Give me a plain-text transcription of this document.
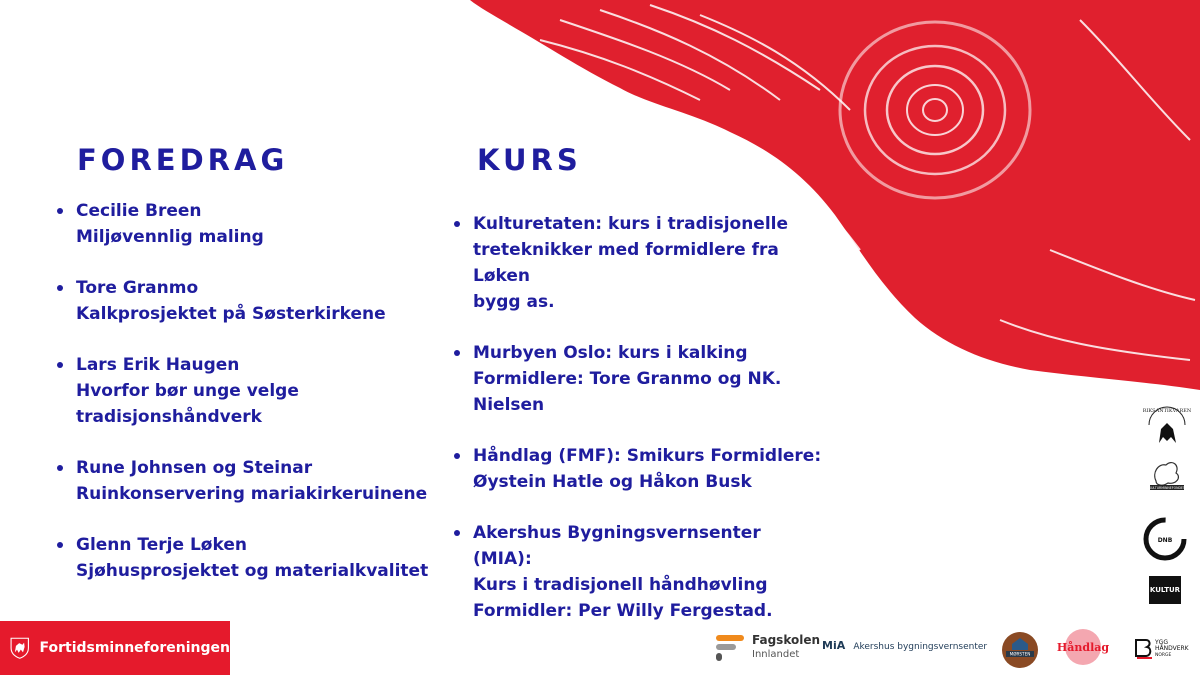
FOREDRAG	KURS
Cecilie Breen
Miljøvennlig maling
Tore Granmo
Kalkprosjektet på Søsterkirkene
Lars Erik Haugen
Hvorfor bør unge velge
tradisjonshåndverk
Rune Johnsen og Steinar
Ruinkonservering mariakirkeruinene
Glenn Terje Løken
Sjøhusprosjektet og materialkvalitet
Kulturetaten: kurs i tradisjonelle
treteknikker med formidlere fra Løken
bygg as.
Murbyen Oslo: kurs i kalking
Formidlere: Tore Granmo og NK.
Nielsen
Håndlag (FMF): Smikurs Formidlere:
Øystein Hatle og Håkon Busk
Akershus Bygningsvernsenter (MIA):
Kurs i tradisjonell håndhøvling
Formidler: Per Willy Fergestad.
RIKSANTIKVAREN
KULTURMINNEFONDET
DNB
KULTUR
Fortidsminneforeningen	Fagskolen
Innlandet
MiA Akershus bygningsvernsenter
MØRSTEN Håndlag	YGG
HÅNDVERK
NORGE
